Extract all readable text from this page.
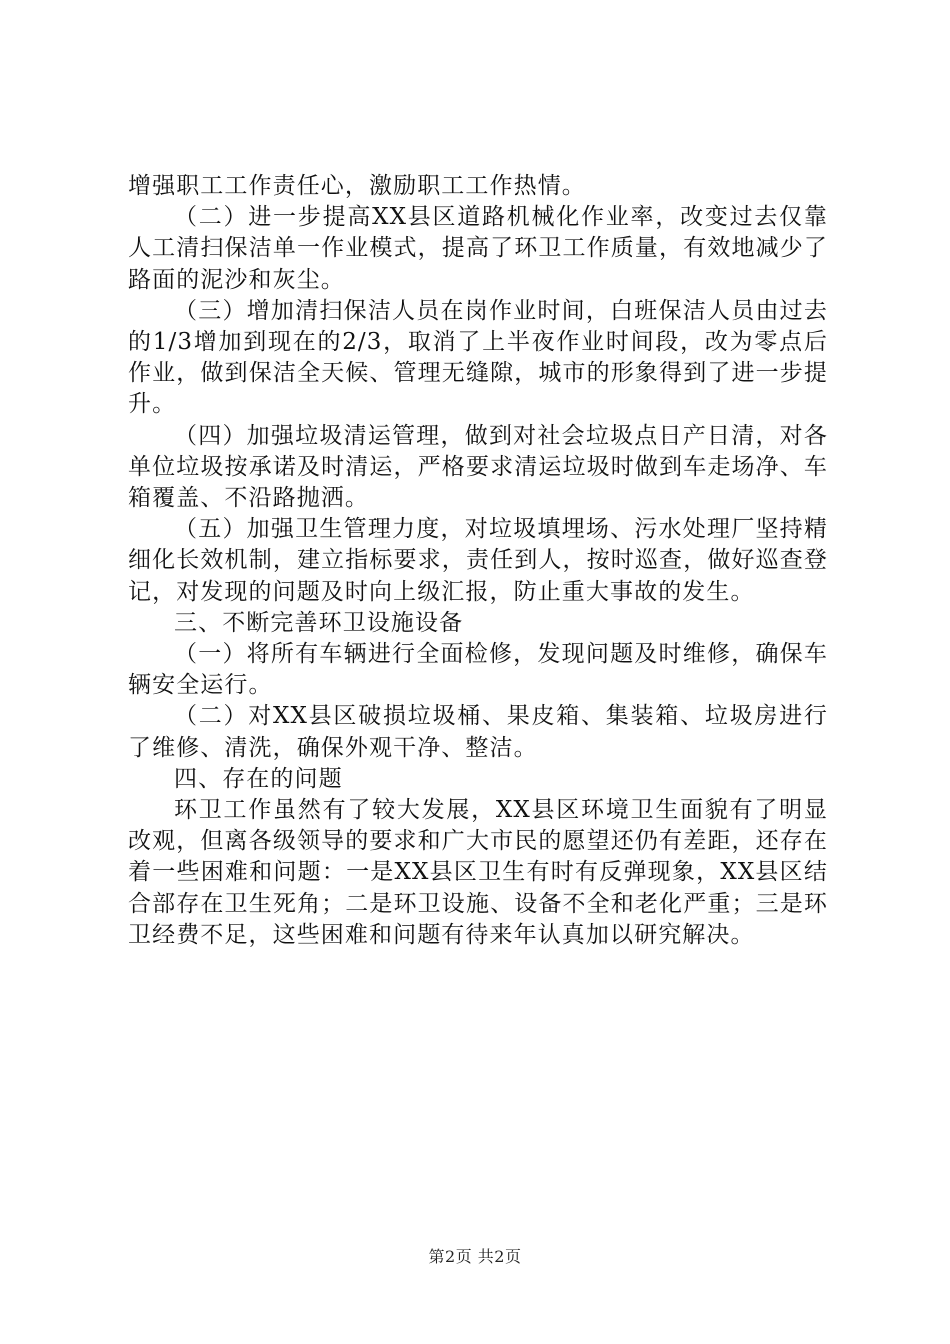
增强职工工作责任心，激励职工工作热情。

（二）进一步提高XX县区道路机械化作业率，改变过去仅靠人工清扫保洁单一作业模式，提高了环卫工作质量，有效地减少了路面的泥沙和灰尘。

（三）增加清扫保洁人员在岗作业时间，白班保洁人员由过去的1/3增加到现在的2/3，取消了上半夜作业时间段，改为零点后作业，做到保洁全天候、管理无缝隙，城市的形象得到了进一步提升。

（四）加强垃圾清运管理，做到对社会垃圾点日产日清，对各单位垃圾按承诺及时清运，严格要求清运垃圾时做到车走场净、车箱覆盖、不沿路抛洒。

（五）加强卫生管理力度，对垃圾填埋场、污水处理厂坚持精细化长效机制，建立指标要求，责任到人，按时巡查，做好巡查登记，对发现的问题及时向上级汇报，防止重大事故的发生。

三、不断完善环卫设施设备

（一）将所有车辆进行全面检修，发现问题及时维修，确保车辆安全运行。

（二）对XX县区破损垃圾桶、果皮箱、集装箱、垃圾房进行了维修、清洗，确保外观干净、整洁。

四、存在的问题

环卫工作虽然有了较大发展，XX县区环境卫生面貌有了明显改观，但离各级领导的要求和广大市民的愿望还仍有差距，还存在着一些困难和问题：一是XX县区卫生有时有反弹现象，XX县区结合部存在卫生死角；二是环卫设施、设备不全和老化严重；三是环卫经费不足，这些困难和问题有待来年认真加以研究解决。

第2页 共2页
